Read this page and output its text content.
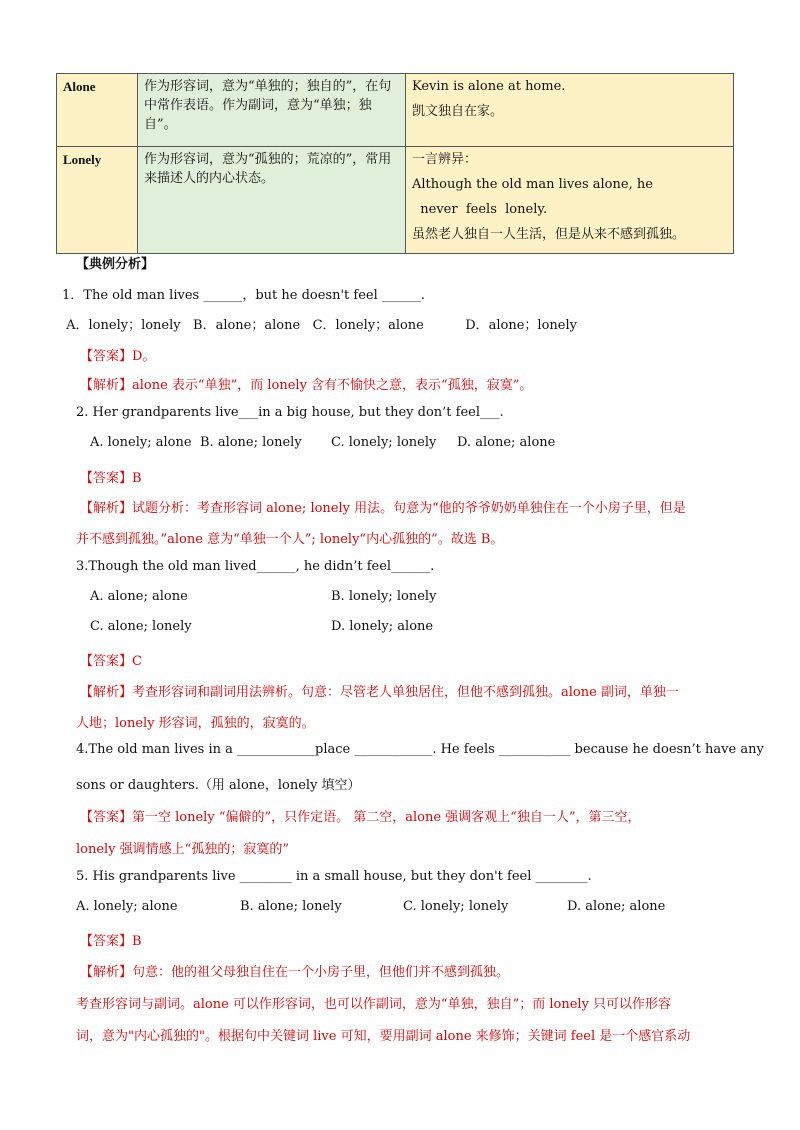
Alone	作为形容词，意为“单独的；独自的”，在句中常作表语。作为副词，意为“单独；独自”。	Kevin is alone at home.

凯文独自在家。

Lonely	作为形容词，意为“孤独的；荒凉的”，常用来描述人的内心状态。	一言辨异：

Although the old man lives alone, he

never  feels  lonely.

虽然老人独自一人生活，但是从来不感到孤独。

【典例分析】
1．The old man lives ______，but he doesn't feel ______.
A．lonely；lonely   B．alone；alone   C．lonely；alone          D．alone；lonely
【答案】D。
【解析】alone 表示“单独”，而 lonely 含有不愉快之意，表示“孤独，寂寞”。
2. Her grandparents live___in a big house, but they don’t feel___.
A. lonely; alone B. alone; lonely C. lonely; lonely D. alone; alone
【答案】B
【解析】试题分析：考查形容词 alone; lonely 用法。句意为“他的爷爷奶奶单独住在一个小房子里，但是
并不感到孤独。”alone 意为“单独一个人”; lonely“内心孤独的”。故选 B。
3.Though the old man lived______, he didn’t feel______.
A. alone; alone	B. lonely; lonely
C. alone; lonely	D. lonely; alone
【答案】C
【解析】考查形容词和副词用法辨析。句意：尽管老人单独居住，但他不感到孤独。alone 副词，单独一
人地；lonely 形容词，孤独的，寂寞的。
4.The old man lives in a ____________place ____________. He feels ___________ because he doesn’t have any
sons or daughters.（用 alone，lonely 填空）
【答案】第一空 lonely “偏僻的”，只作定语。 第二空，alone 强调客观上“独自一人”，第三空，
lonely 强调情感上“孤独的；寂寞的”
5. His grandparents live ________ in a small house, but they don't feel ________.
A. lonely; alone	B. alone; lonely	C. lonely; lonely	D. alone; alone
【答案】B
【解析】句意：他的祖父母独自住在一个小房子里，但他们并不感到孤独。
考查形容词与副词。alone 可以作形容词，也可以作副词，意为“单独，独自”；而 lonely 只可以作形容
词，意为"内心孤独的"。根据句中关键词 live 可知，要用副词 alone 来修饰；关键词 feel 是一个感官系动
